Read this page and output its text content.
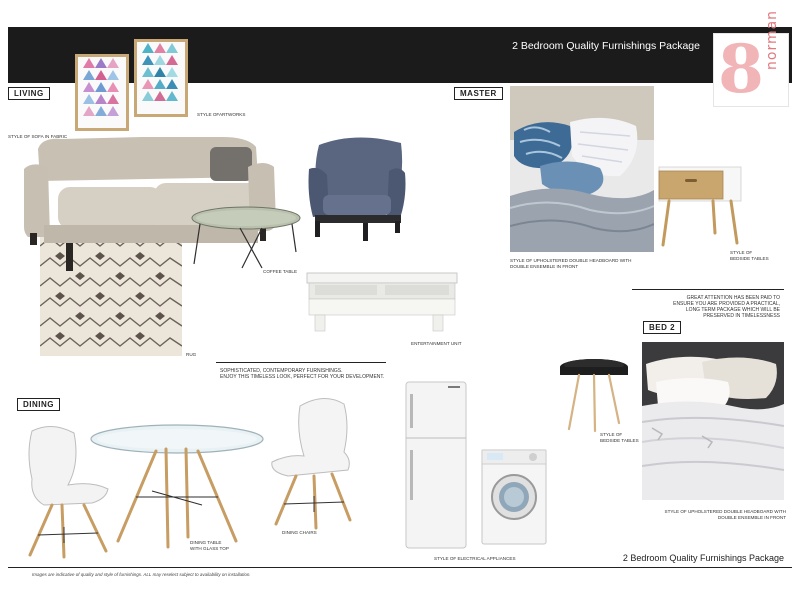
2 Bedroom Quality Furnishings Package 8 norman
STYLE OFARTWORKS
LIVING
STYLE OF SOFA IN FABRIC
COFFEE TABLE
RUG
ENTERTAINMENT UNIT
SOPHISTICATED, CONTEMPORARY FURNISHINGS.
ENJOY THIS TIMELESS LOOK, PERFECT FOR YOUR DEVELOPMENT.
MASTER
STYLE OF UPHOLSTERED DOUBLE HEADBOARD WITH DOUBLE ENSEMBLE IN FRONT
STYLE OF
BEDSIDE TABLES
GREAT ATTENTION HAS BEEN PAID TO
ENSURE YOU ARE PROVIDED A PRACTICAL,
LONG TERM PACKAGE WHICH WILL BE
PRESERVED IN TIMELESSNESS
BED 2
STYLE OF
BEDSIDE TABLES
STYLE OF UPHOLSTERED DOUBLE HEADBOARD WITH DOUBLE ENSEMBLE IN FRONT
DINING
DINING TABLE
WITH GLASS TOP
DINING CHAIRS
STYLE OF ELECTRICAL APPLIANCES	2 Bedroom Quality Furnishings Package
Images are indicative of quality and style of furnishings. ALL may reselect subject to availability on installation.
